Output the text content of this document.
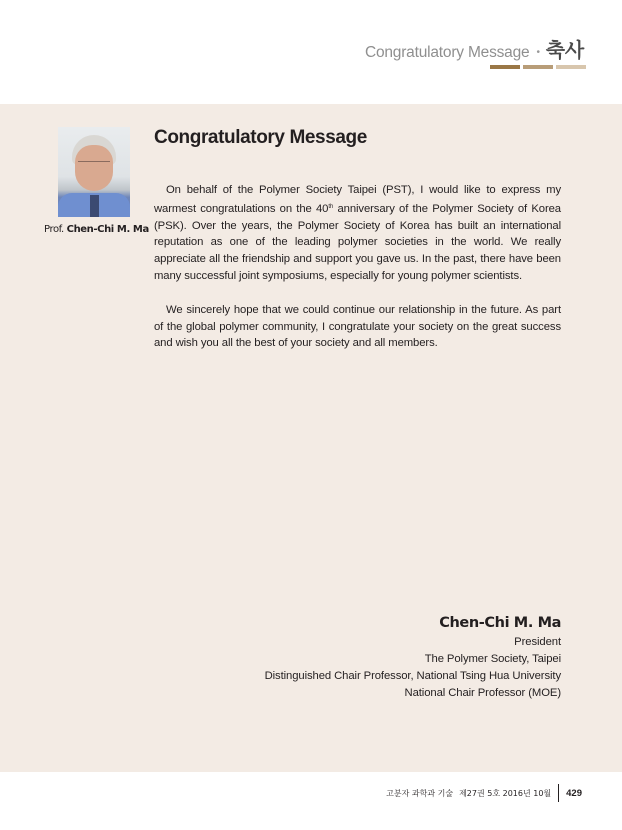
Congratulatory Message • 축사
Prof. Chen-Chi M. Ma
Congratulatory Message

On behalf of the Polymer Society Taipei (PST), I would like to express my warmest congratulations on the 40th anniversary of the Polymer Society of Korea (PSK). Over the years, the Polymer Society of Korea has built an international reputation as one of the leading polymer societies in the world. We really appreciate all the friendship and support you gave us. In the past, there have been many successful joint symposiums, especially for young polymer scientists.

We sincerely hope that we could continue our relationship in the future. As part of the global polymer community, I congratulate your society on the great success and wish you all the best of your society and all members.

Chen-Chi M. Ma
President
The Polymer Society, Taipei
Distinguished Chair Professor, National Tsing Hua University
National Chair Professor (MOE)
고분자 과학과 기술 제27권 5호 2016년 10월 429
